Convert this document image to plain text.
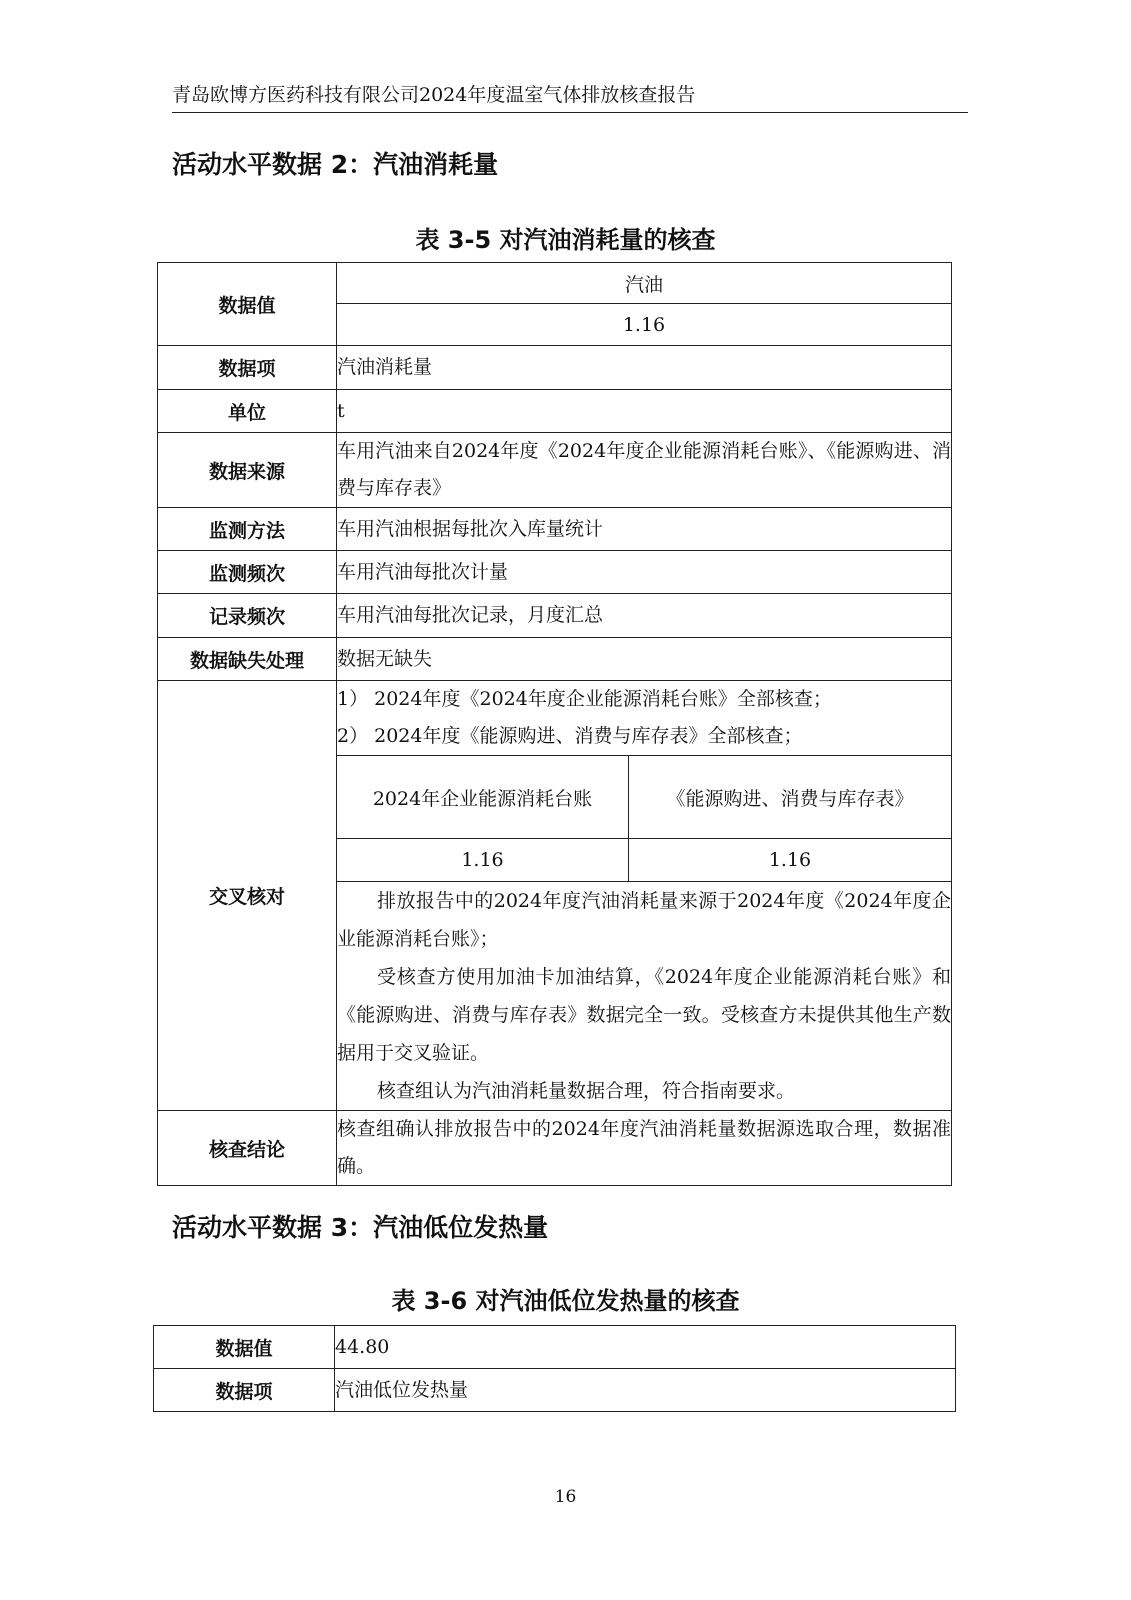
青岛欧博方医药科技有限公司2024年度温室气体排放核查报告
活动水平数据 2：汽油消耗量
表 3-5 对汽油消耗量的核查
数据值	汽油	
	1.16	
数据项	汽油消耗量	
单位	t	
数据来源	车用汽油来自2024年度《2024年度企业能源消耗台账》、《能源购进、消费与库存表》	
监测方法	车用汽油根据每批次入库量统计	
监测频次	车用汽油每批次计量	
记录频次	车用汽油每批次记录，月度汇总	
数据缺失处理	数据无缺失	
交叉核对	1） 2024年度《2024年度企业能源消耗台账》全部核查；
2） 2024年度《能源购进、消费与库存表》全部核查；	

	2024年企业能源消耗台账	《能源购进、消费与库存表》
	1.16	1.16

	排放报告中的2024年度汽油消耗量来源于2024年度《2024年度企业能源消耗台账》；
受核查方使用加油卡加油结算，《2024年度企业能源消耗台账》和《能源购进、消费与库存表》数据完全一致。受核查方未提供其他生产数据用于交叉验证。
核查组认为汽油消耗量数据合理，符合指南要求。	

核查结论	核查组确认排放报告中的2024年度汽油消耗量数据源选取合理，数据准确。	
活动水平数据 3：汽油低位发热量
表 3-6 对汽油低位发热量的核查
数据值	44.80
数据项	汽油低位发热量
16
